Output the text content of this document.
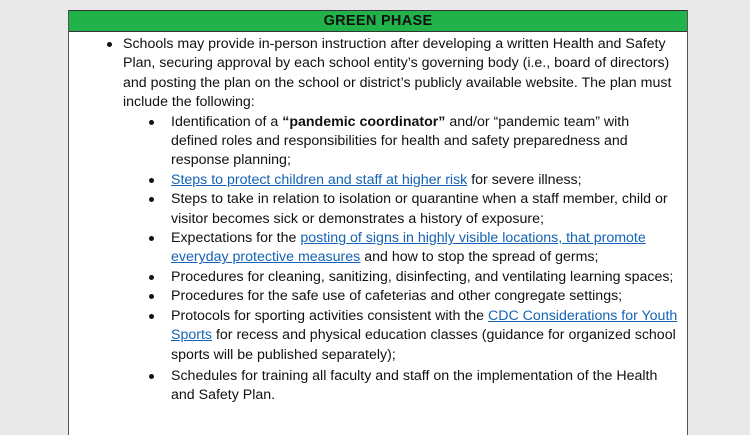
GREEN PHASE
Schools may provide in-person instruction after developing a written Health and Safety Plan, securing approval by each school entity’s governing body (i.e., board of directors) and posting the plan on the school or district’s publicly available website. The plan must include the following:
Identification of a “pandemic coordinator” and/or “pandemic team” with defined roles and responsibilities for health and safety preparedness and response planning;
Steps to protect children and staff at higher risk for severe illness;
Steps to take in relation to isolation or quarantine when a staff member, child or visitor becomes sick or demonstrates a history of exposure;
Expectations for the posting of signs in highly visible locations, that promote everyday protective measures and how to stop the spread of germs;
Procedures for cleaning, sanitizing, disinfecting, and ventilating learning spaces;
Procedures for the safe use of cafeterias and other congregate settings;
Protocols for sporting activities consistent with the CDC Considerations for Youth Sports for recess and physical education classes (guidance for organized school sports will be published separately);
Schedules for training all faculty and staff on the implementation of the Health and Safety Plan.
